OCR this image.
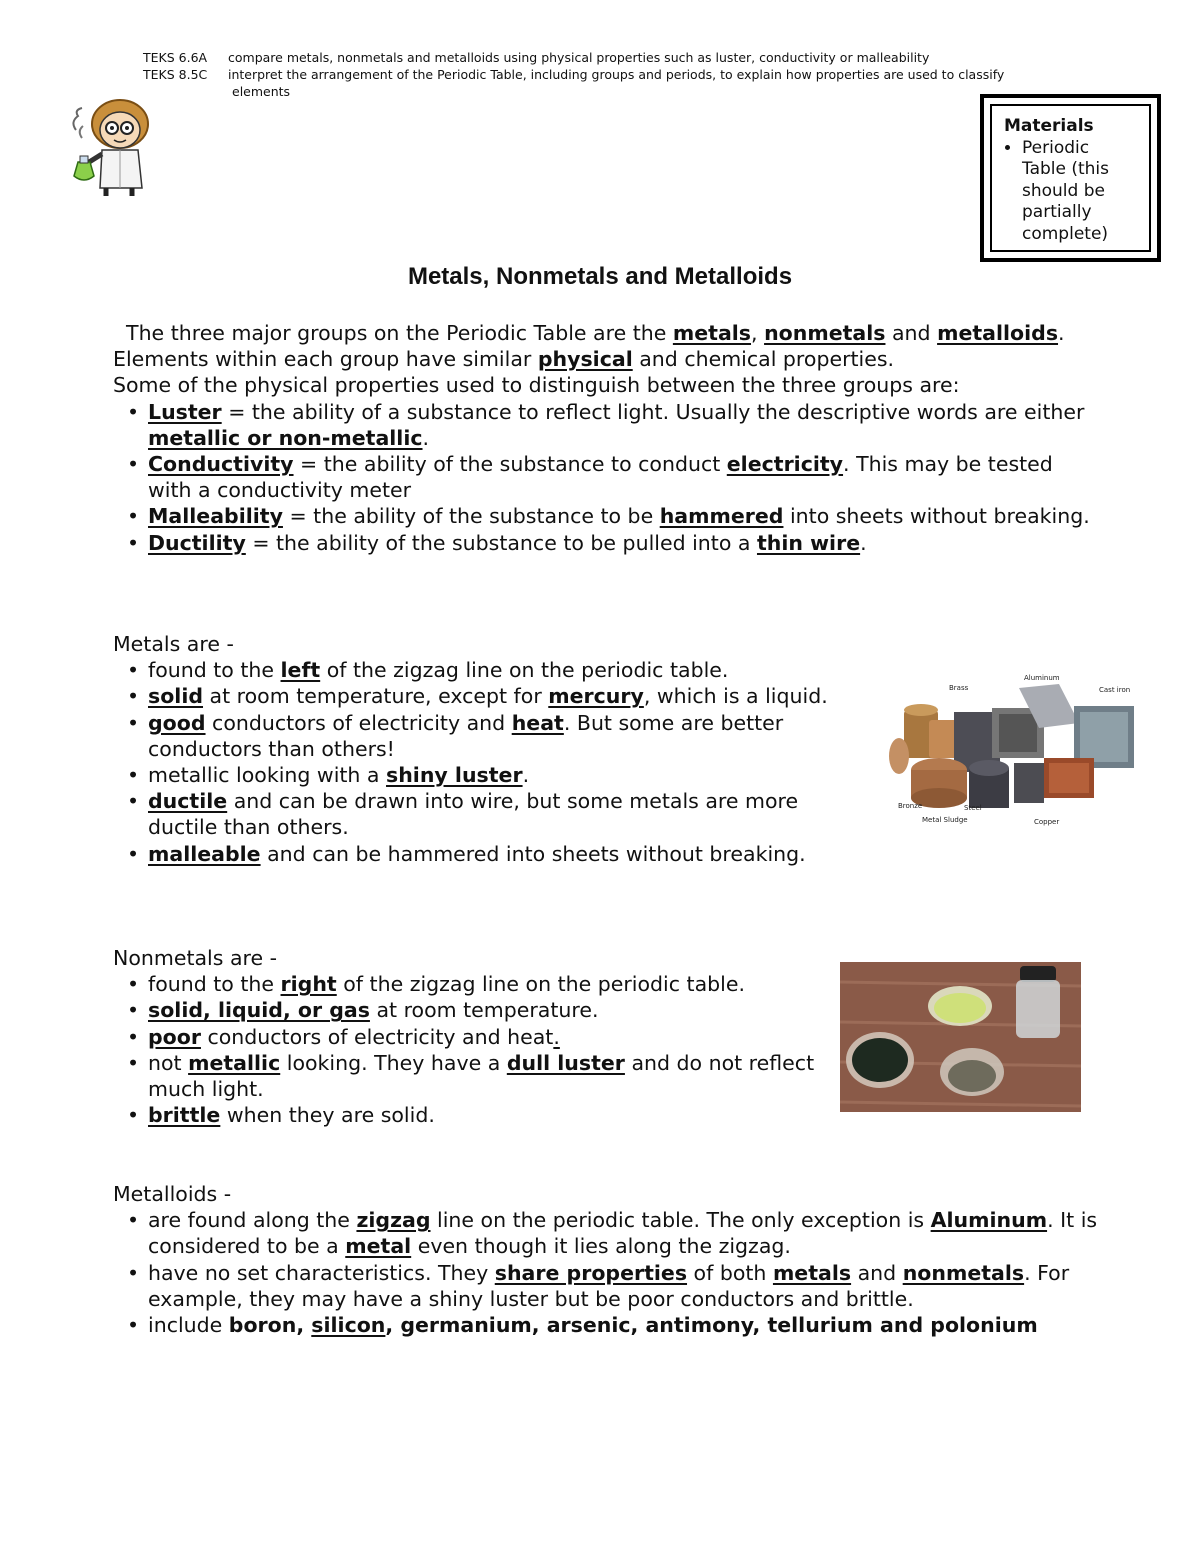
TEKS 6.6A compare metals, nonmetals and metalloids using physical properties such as luster, conductivity or malleability
TEKS 8.5C interpret the arrangement of the Periodic Table, including groups and periods, to explain how properties are used to classify
elements
Materials
• Periodic Table (this should be partially complete)
Metals, Nonmetals and Metalloids
The three major groups on the Periodic Table are the metals, nonmetals and metalloids. Elements within each group have similar physical and chemical properties.
Some of the physical properties used to distinguish between the three groups are:
• Luster = the ability of a substance to reflect light. Usually the descriptive words are either metallic or non-metallic.
• Conductivity = the ability of the substance to conduct electricity. This may be tested with a conductivity meter
• Malleability = the ability of the substance to be hammered into sheets without breaking.
• Ductility = the ability of the substance to be pulled into a thin wire.
Metals are -
• found to the left of the zigzag line on the periodic table.
• solid at room temperature, except for mercury, which is a liquid.
• good conductors of electricity and heat. But some are better conductors than others!
• metallic looking with a shiny luster.
• ductile and can be drawn into wire, but some metals are more ductile than others.
• malleable and can be hammered into sheets without breaking.
Brass
Aluminum
Cast iron
Bronze	Steel
Metal Sludge	Copper
Nonmetals are -
• found to the right of the zigzag line on the periodic table.
• solid, liquid, or gas at room temperature.
• poor conductors of electricity and heat.
• not metallic looking. They have a dull luster and do not reflect much light.
• brittle when they are solid.
Metalloids -
• are found along the zigzag line on the periodic table. The only exception is Aluminum. It is considered to be a metal even though it lies along the zigzag.
• have no set characteristics. They share properties of both metals and nonmetals. For example, they may have a shiny luster but be poor conductors and brittle.
• include boron, silicon, germanium, arsenic, antimony, tellurium and polonium
